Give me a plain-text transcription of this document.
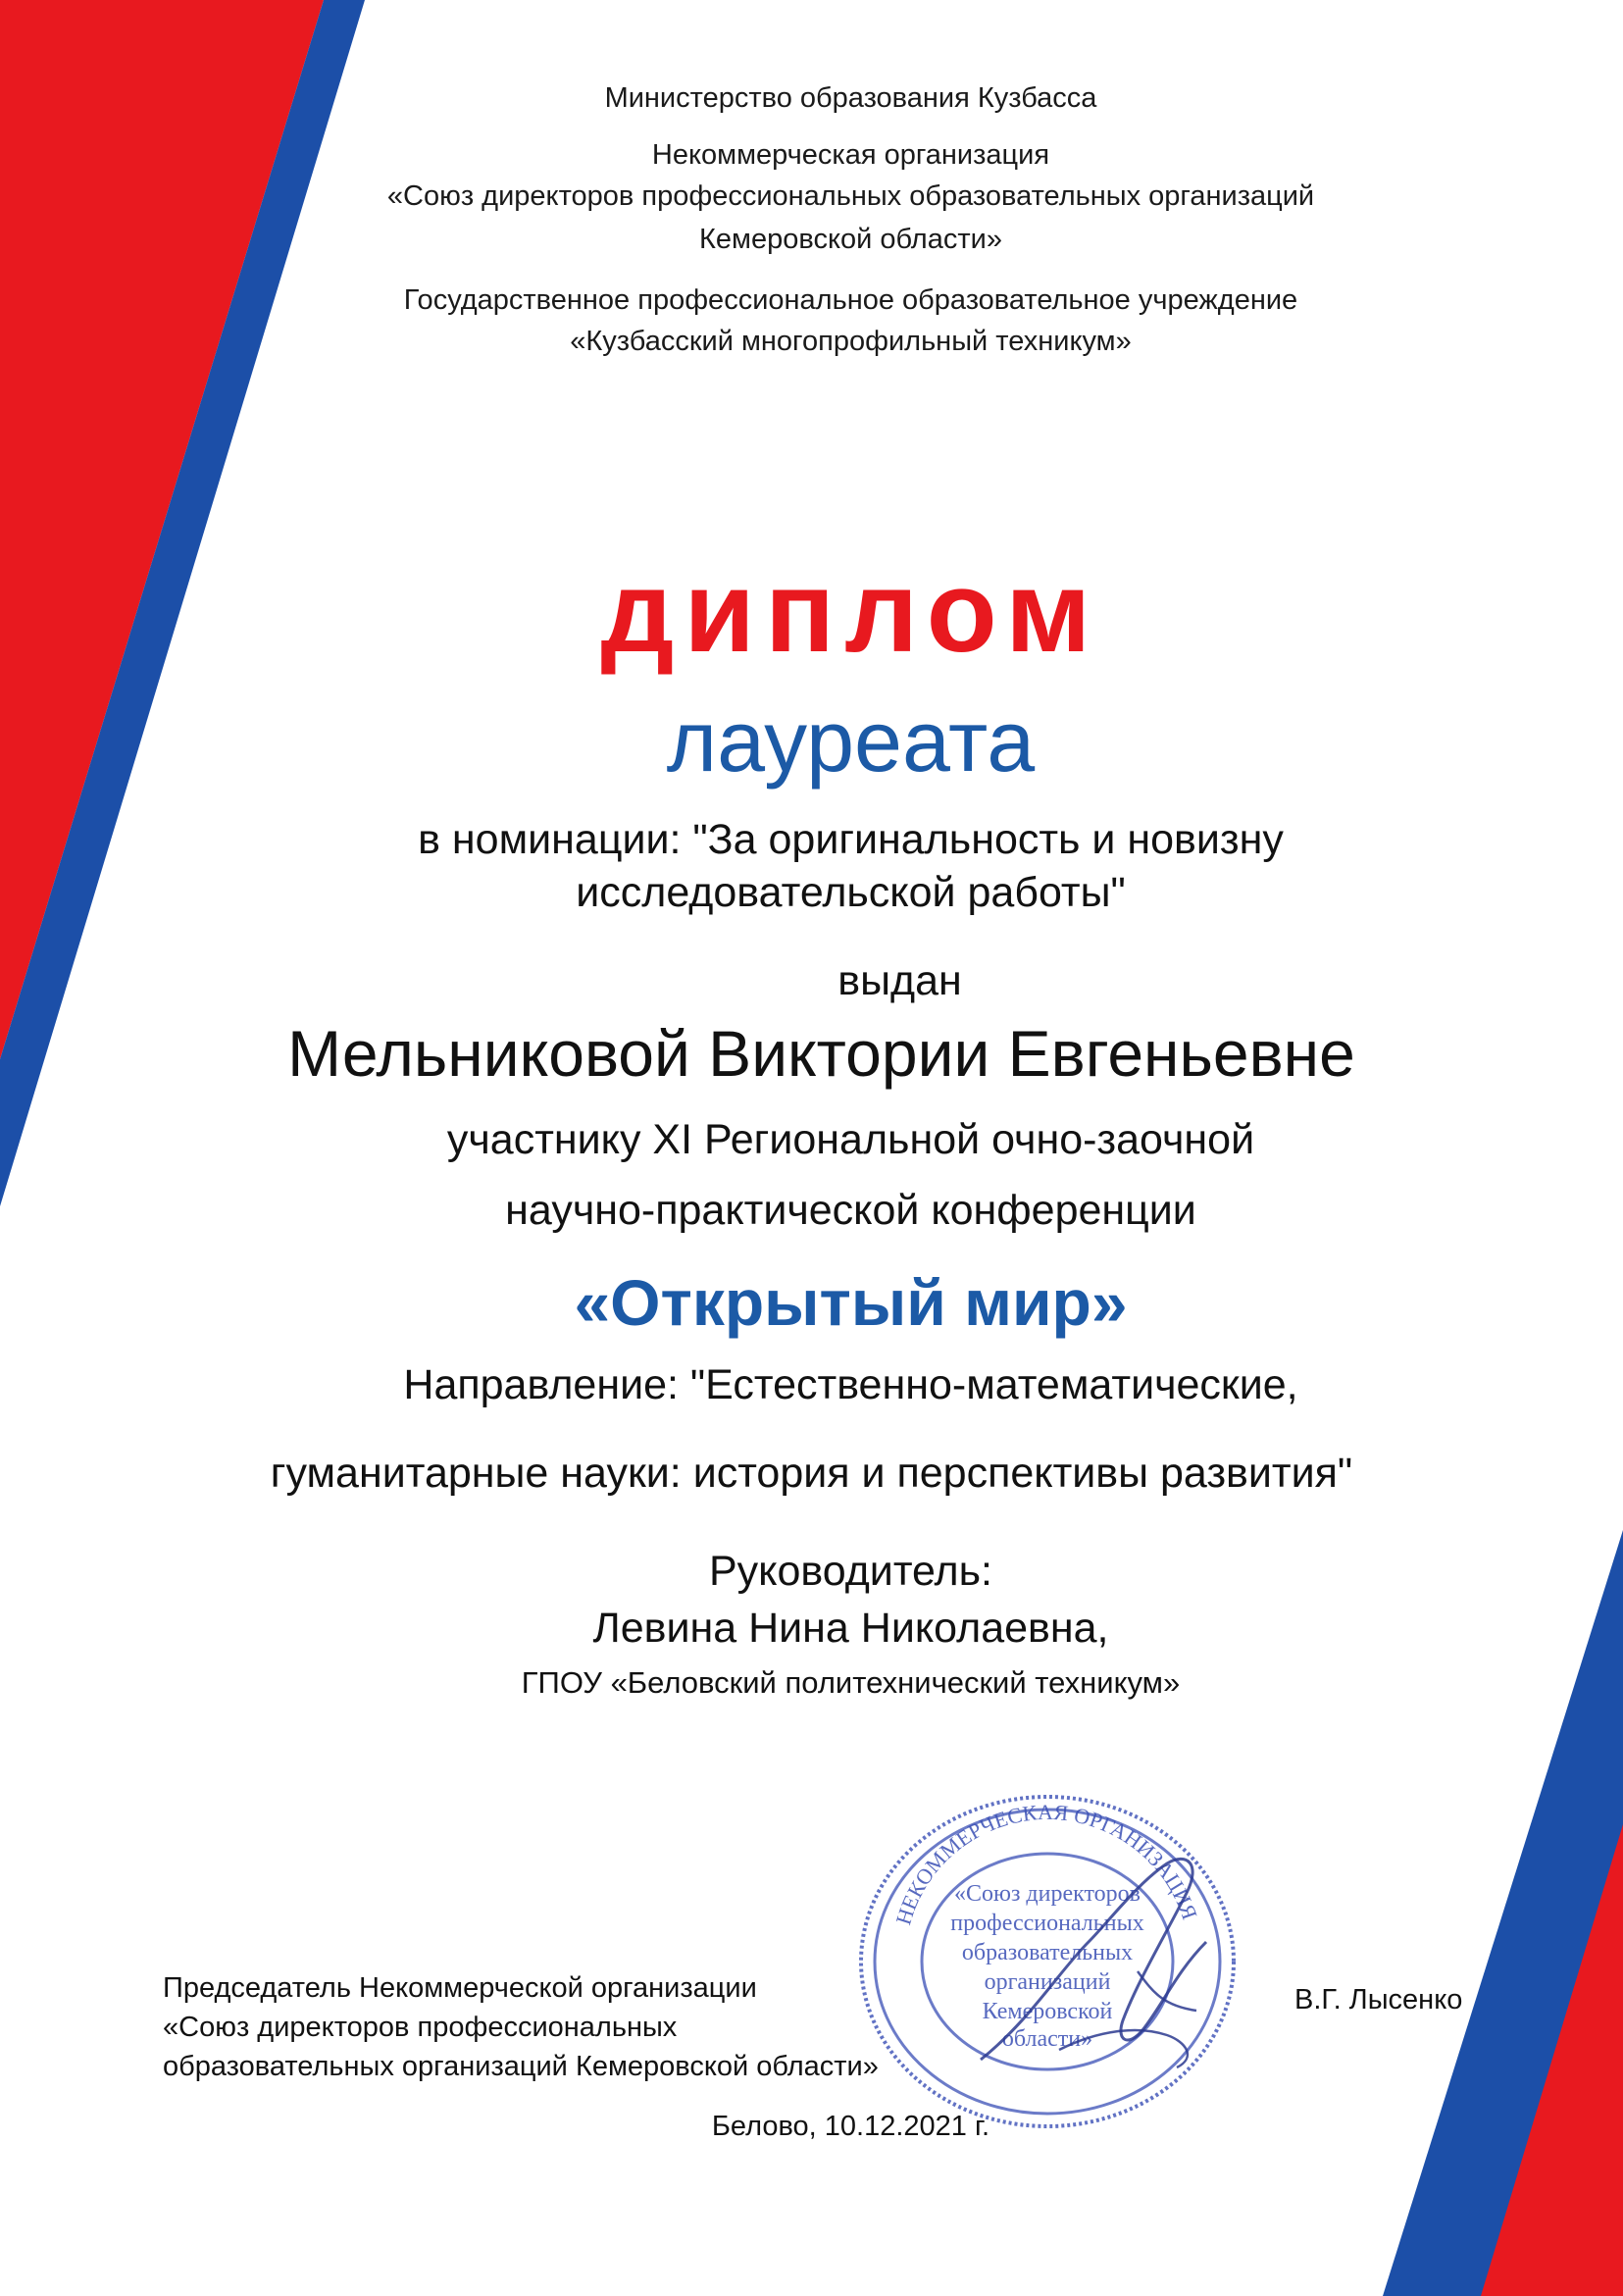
Министерство образования Кузбасса
Некоммерческая организация
«Союз директоров профессиональных образовательных организаций
Кемеровской области»
Государственное профессиональное образовательное учреждение
«Кузбасский многопрофильный техникум»
диплом
лауреата
в номинации: "За оригинальность и новизну
исследовательской работы"
выдан
Мельниковой Виктории Евгеньевне
участнику XI Региональной очно-заочной
научно-практической конференции
«Открытый мир»
Направление: "Естественно-математические,
гуманитарные науки: история и перспективы развития"
Руководитель:
Левина Нина Николаевна,
ГПОУ «Беловский политехнический техникум»
НЕКОММЕРЧЕСКАЯ ОРГАНИЗАЦИЯ
«Союз директоров
профессиональных
образовательных
организаций
Кемеровской
области»
Председатель Некоммерческой организации
«Союз директоров профессиональных
образовательных организаций Кемеровской области»
В.Г. Лысенко
Белово, 10.12.2021 г.
